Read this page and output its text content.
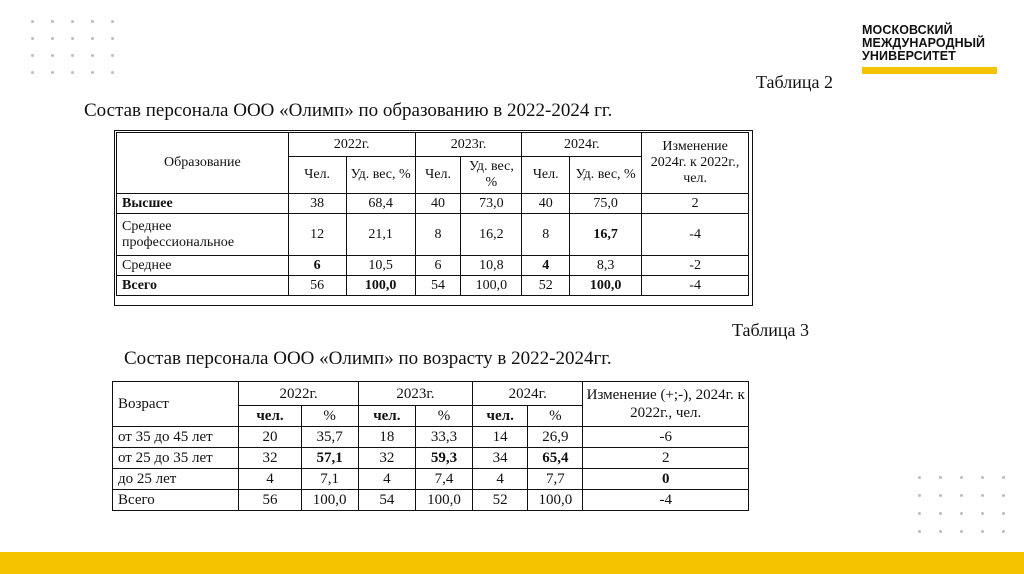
МОСКОВСКИЙ
МЕЖДУНАРОДНЫЙ
УНИВЕРСИТЕТ
Таблица 2
Состав персонала ООО «Олимп» по образованию в 2022-2024 гг.
Образование	2022г.		2023г.		2024г.		Изменение 2024г. к 2022г., чел.
	Чел.	Уд. вес, %	Чел.	Уд. вес, %	Чел.	Уд. вес, %	
Высшее	38	68,4	40	73,0	40	75,0	2
Среднее профессиональное	12	21,1	8	16,2	8	16,7	-4
Среднее	6	10,5	6	10,8	4	8,3	-2
Всего	56	100,0	54	100,0	52	100,0	-4
Таблица 3
Состав персонала ООО «Олимп» по возрасту в 2022-2024гг.
Возраст	2022г.		2023г.		2024г.		Изменение (+;-), 2024г. к 2022г., чел.
	чел.	%	чел.	%	чел.	%	
от 35 до 45 лет	20	35,7	18	33,3	14	26,9	-6
от 25 до 35 лет	32	57,1	32	59,3	34	65,4	2
до 25 лет	4	7,1	4	7,4	4	7,7	0
Всего	56	100,0	54	100,0	52	100,0	-4
